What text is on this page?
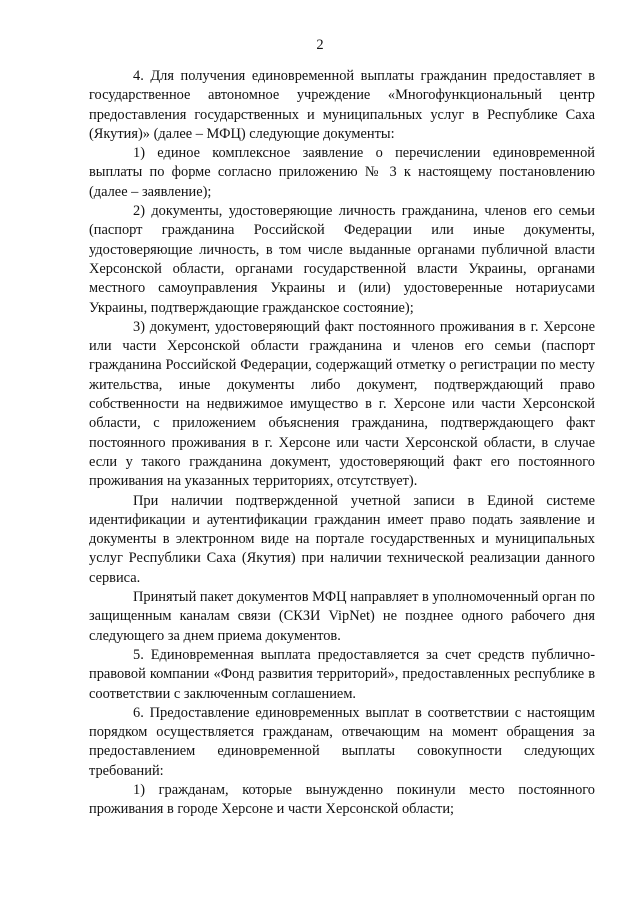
2

4. Для получения единовременной выплаты гражданин предоставляет в государственное автономное учреждение «Многофункциональный центр предоставления государственных и муниципальных услуг в Республике Саха (Якутия)» (далее – МФЦ) следующие документы:

1) единое комплексное заявление о перечислении единовременной выплаты по форме согласно приложению № 3 к настоящему постановлению (далее – заявление);

2) документы, удостоверяющие личность гражданина, членов его семьи (паспорт гражданина Российской Федерации или иные документы, удостоверяющие личность, в том числе выданные органами публичной власти Херсонской области, органами государственной власти Украины, органами местного самоуправления Украины и (или) удостоверенные нотариусами Украины, подтверждающие гражданское состояние);

3) документ, удостоверяющий факт постоянного проживания в г. Херсоне или части Херсонской области гражданина и членов его семьи (паспорт гражданина Российской Федерации, содержащий отметку о регистрации по месту жительства, иные документы либо документ, подтверждающий право собственности на недвижимое имущество в г. Херсоне или части Херсонской области, с приложением объяснения гражданина, подтверждающего факт постоянного проживания в г. Херсоне или части Херсонской области, в случае если у такого гражданина документ, удостоверяющий факт его постоянного проживания на указанных территориях, отсутствует).

При наличии подтвержденной учетной записи в Единой системе идентификации и аутентификации гражданин имеет право подать заявление и документы в электронном виде на портале государственных и муниципальных услуг Республики Саха (Якутия) при наличии технической реализации данного сервиса.

Принятый пакет документов МФЦ направляет в уполномоченный орган по защищенным каналам связи (СКЗИ VipNet) не позднее одного рабочего дня следующего за днем приема документов.

5. Единовременная выплата предоставляется за счет средств публично-правовой компании «Фонд развития территорий», предоставленных республике в соответствии с заключенным соглашением.

6. Предоставление единовременных выплат в соответствии с настоящим порядком осуществляется гражданам, отвечающим на момент обращения за предоставлением единовременной выплаты совокупности следующих требований:

1) гражданам, которые вынужденно покинули место постоянного проживания в городе Херсоне и части Херсонской области;
